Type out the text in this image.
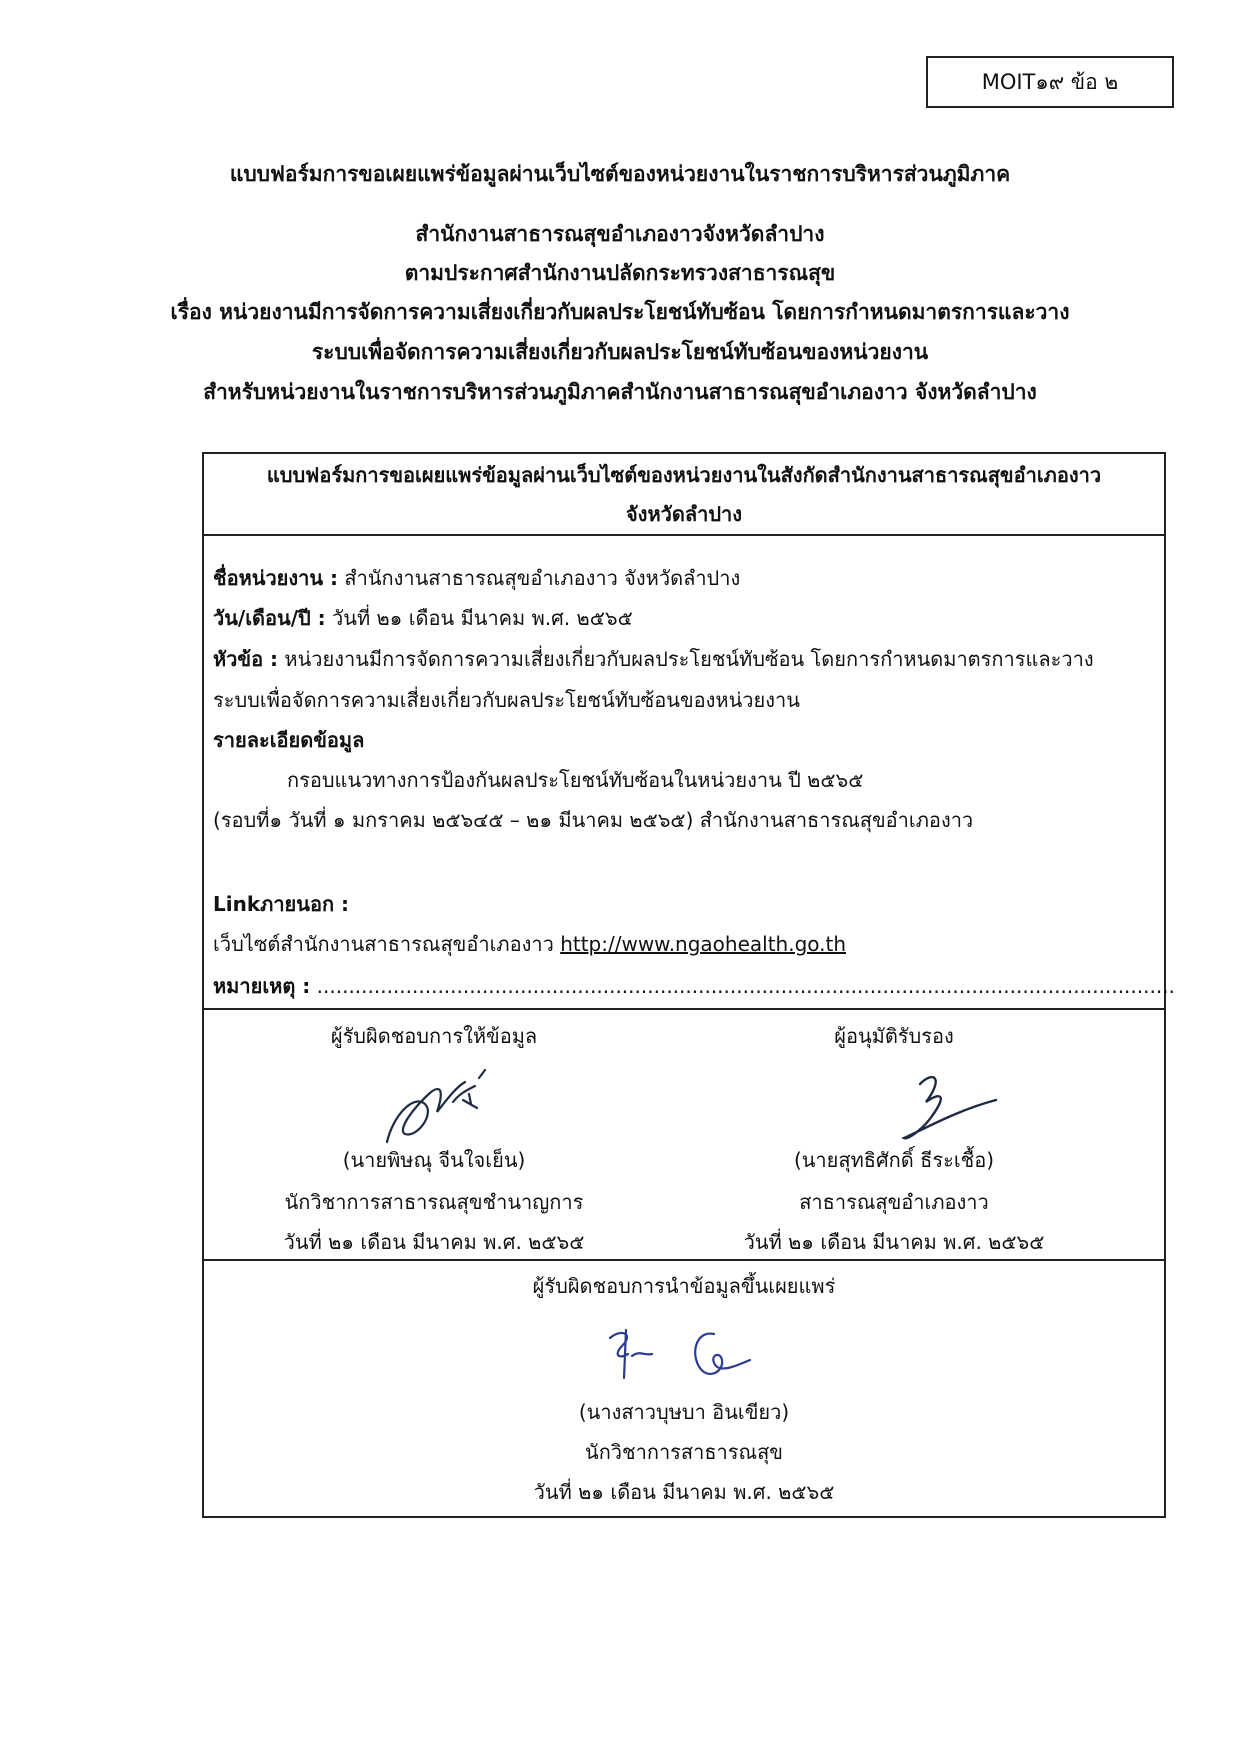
MOIT๑๙ ข้อ ๒
แบบฟอร์มการขอเผยแพร่ข้อมูลผ่านเว็บไซต์ของหน่วยงานในราชการบริหารส่วนภูมิภาค
สำนักงานสาธารณสุขอำเภองาวจังหวัดลำปาง
ตามประกาศสำนักงานปลัดกระทรวงสาธารณสุข
เรื่อง หน่วยงานมีการจัดการความเสี่ยงเกี่ยวกับผลประโยชน์ทับซ้อน โดยการกำหนดมาตรการและวาง
ระบบเพื่อจัดการความเสี่ยงเกี่ยวกับผลประโยชน์ทับซ้อนของหน่วยงาน
สำหรับหน่วยงานในราชการบริหารส่วนภูมิภาคสำนักงานสาธารณสุขอำเภองาว จังหวัดลำปาง
แบบฟอร์มการขอเผยแพร่ข้อมูลผ่านเว็บไซต์ของหน่วยงานในสังกัดสำนักงานสาธารณสุขอำเภองาว
จังหวัดลำปาง
ชื่อหน่วยงาน : สำนักงานสาธารณสุขอำเภองาว จังหวัดลำปาง
วัน/เดือน/ปี : วันที่ ๒๑ เดือน มีนาคม พ.ศ. ๒๕๖๕
หัวข้อ : หน่วยงานมีการจัดการความเสี่ยงเกี่ยวกับผลประโยชน์ทับซ้อน โดยการกำหนดมาตรการและวาง
ระบบเพื่อจัดการความเสี่ยงเกี่ยวกับผลประโยชน์ทับซ้อนของหน่วยงาน
รายละเอียดข้อมูล
กรอบแนวทางการป้องกันผลประโยชน์ทับซ้อนในหน่วยงาน ปี ๒๕๖๕
(รอบที่๑ วันที่ ๑ มกราคม ๒๕๖๔๕ – ๒๑ มีนาคม ๒๕๖๕) สำนักงานสาธารณสุขอำเภองาว
Linkภายนอก :
เว็บไซต์สำนักงานสาธารณสุขอำเภองาว http://www.ngaohealth.go.th
หมายเหตุ : .......................................................................................................................................
ผู้รับผิดชอบการให้ข้อมูล
(นายพิษณุ จีนใจเย็น)
นักวิชาการสาธารณสุขชำนาญการ
วันที่ ๒๑ เดือน มีนาคม พ.ศ. ๒๕๖๕
ผู้อนุมัติรับรอง
(นายสุทธิศักดิ์ ธีระเชื้อ)
สาธารณสุขอำเภองาว
วันที่ ๒๑ เดือน มีนาคม พ.ศ. ๒๕๖๕
ผู้รับผิดชอบการนำข้อมูลขึ้นเผยแพร่
(นางสาวบุษบา อินเขียว)
นักวิชาการสาธารณสุข
วันที่ ๒๑ เดือน มีนาคม พ.ศ. ๒๕๖๕
